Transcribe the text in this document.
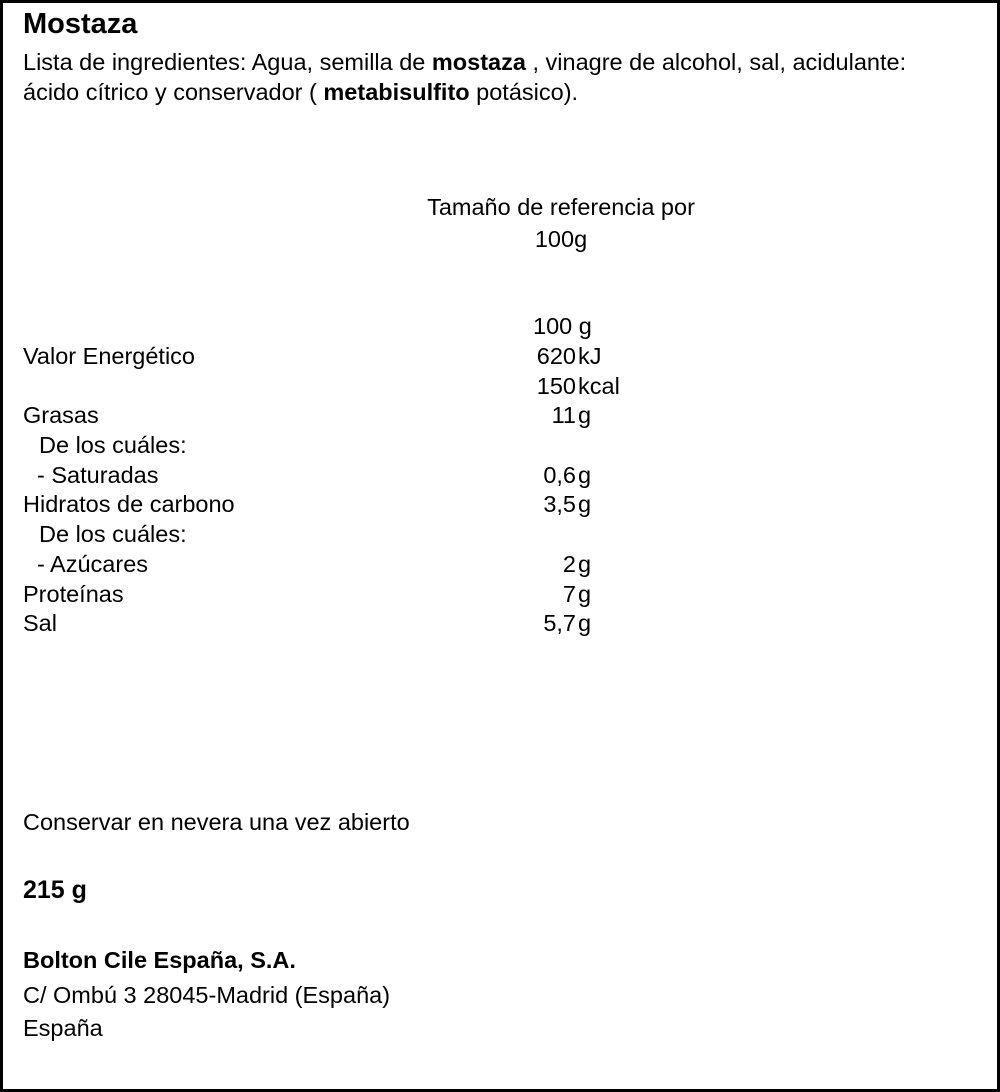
Mostaza
Lista de ingredientes: Agua, semilla de mostaza , vinagre de alcohol, sal, acidulante: ácido cítrico y conservador ( metabisulfito potásico).
Tamaño de referencia por 100g
100 g
Valor Energético	620 kJ
150 kcal
Grasas	11 g
De los cuáles:
- Saturadas	0,6 g
Hidratos de carbono	3,5 g
De los cuáles:
- Azúcares	2 g
Proteínas	7 g
Sal	5,7 g
Conservar en nevera una vez abierto
215 g
Bolton Cile España, S.A.
C/ Ombú 3 28045-Madrid (España)
España
